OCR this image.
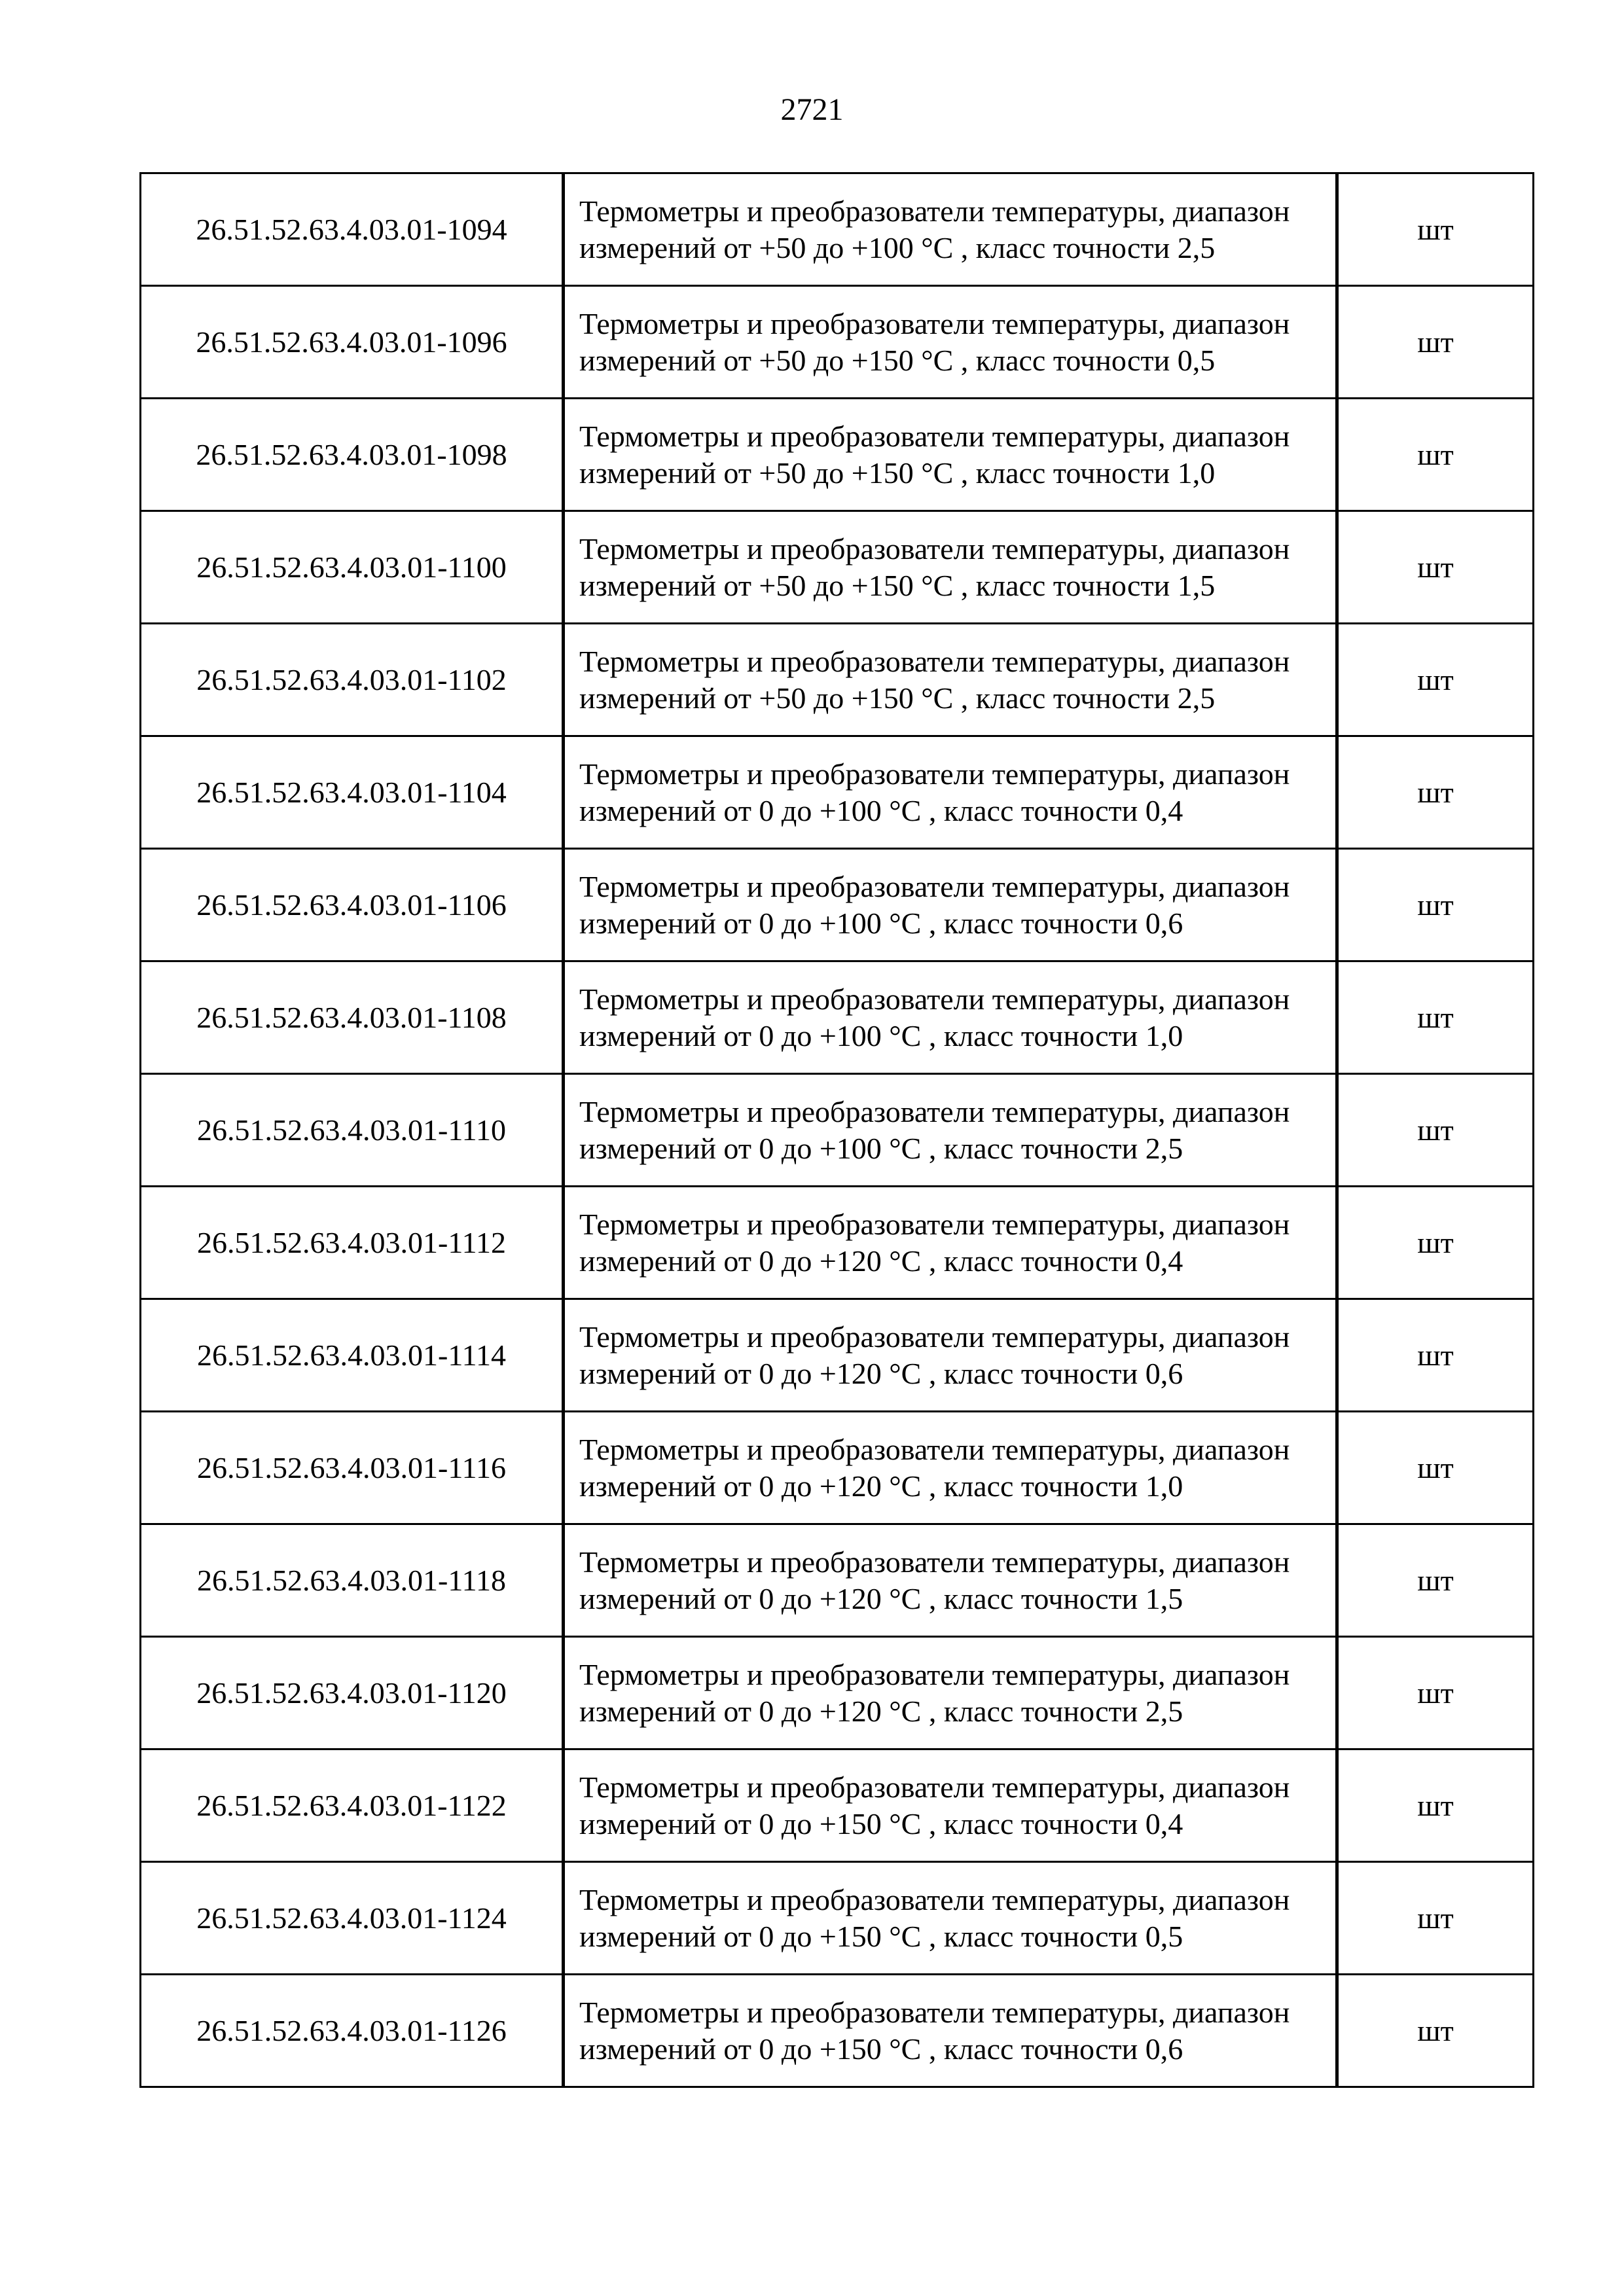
2721
26.51.52.63.4.03.01-1094	Термометры и преобразователи температуры, диапазон измерений от +50 до +100 °С , класс точности 2,5	шт
26.51.52.63.4.03.01-1096	Термометры и преобразователи температуры, диапазон измерений от +50 до +150 °С , класс точности 0,5	шт
26.51.52.63.4.03.01-1098	Термометры и преобразователи температуры, диапазон измерений от +50 до +150 °С , класс точности 1,0	шт
26.51.52.63.4.03.01-1100	Термометры и преобразователи температуры, диапазон измерений от +50 до +150 °С , класс точности 1,5	шт
26.51.52.63.4.03.01-1102	Термометры и преобразователи температуры, диапазон измерений от +50 до +150 °С , класс точности 2,5	шт
26.51.52.63.4.03.01-1104	Термометры и преобразователи температуры, диапазон измерений от 0 до +100 °С , класс точности 0,4	шт
26.51.52.63.4.03.01-1106	Термометры и преобразователи температуры, диапазон измерений от 0 до +100 °С , класс точности 0,6	шт
26.51.52.63.4.03.01-1108	Термометры и преобразователи температуры, диапазон измерений от 0 до +100 °С , класс точности 1,0	шт
26.51.52.63.4.03.01-1110	Термометры и преобразователи температуры, диапазон измерений от 0 до +100 °С , класс точности 2,5	шт
26.51.52.63.4.03.01-1112	Термометры и преобразователи температуры, диапазон измерений от 0 до +120 °С , класс точности 0,4	шт
26.51.52.63.4.03.01-1114	Термометры и преобразователи температуры, диапазон измерений от 0 до +120 °С , класс точности 0,6	шт
26.51.52.63.4.03.01-1116	Термометры и преобразователи температуры, диапазон измерений от 0 до +120 °С , класс точности 1,0	шт
26.51.52.63.4.03.01-1118	Термометры и преобразователи температуры, диапазон измерений от 0 до +120 °С , класс точности 1,5	шт
26.51.52.63.4.03.01-1120	Термометры и преобразователи температуры, диапазон измерений от 0 до +120 °С , класс точности 2,5	шт
26.51.52.63.4.03.01-1122	Термометры и преобразователи температуры, диапазон измерений от 0 до +150 °С , класс точности 0,4	шт
26.51.52.63.4.03.01-1124	Термометры и преобразователи температуры, диапазон измерений от 0 до +150 °С , класс точности 0,5	шт
26.51.52.63.4.03.01-1126	Термометры и преобразователи температуры, диапазон измерений от 0 до +150 °С , класс точности 0,6	шт
